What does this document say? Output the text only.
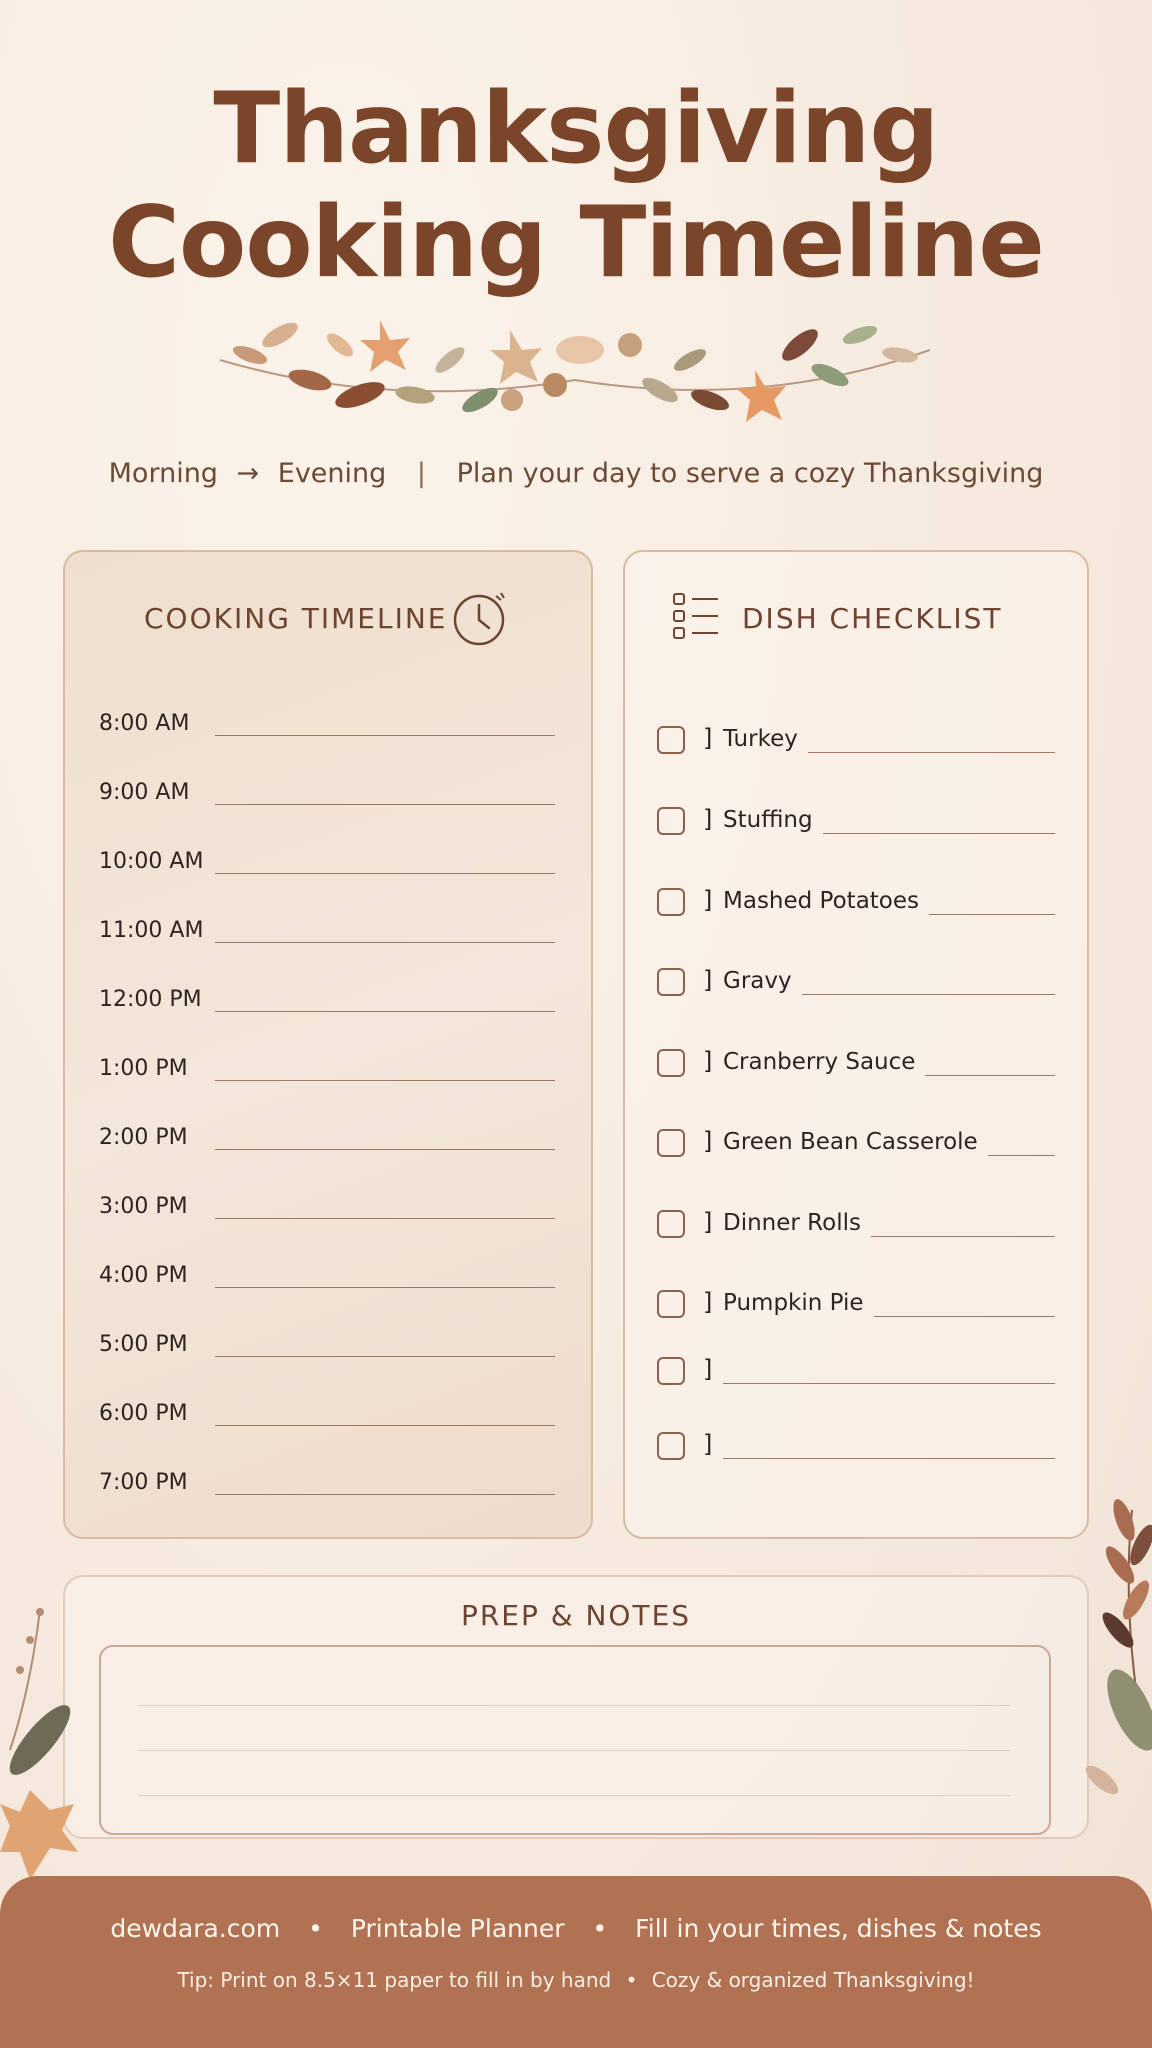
Thanksgiving
Cooking Timeline
Morning → Evening | Plan your day to serve a cozy Thanksgiving
COOKING TIMELINE
8:00 AM
9:00 AM
10:00 AM
11:00 AM
12:00 PM
1:00 PM
2:00 PM
3:00 PM
4:00 PM
5:00 PM
6:00 PM
7:00 PM
DISH CHECKLIST
] Turkey
] Stuffing
] Mashed Potatoes
] Gravy
] Cranberry Sauce
] Green Bean Casserole
] Dinner Rolls
] Pumpkin Pie
]
]
PREP & NOTES
dewdara.com • Printable Planner • Fill in your times, dishes & notes
Tip: Print on 8.5×11 paper to fill in by hand • Cozy & organized Thanksgiving!
